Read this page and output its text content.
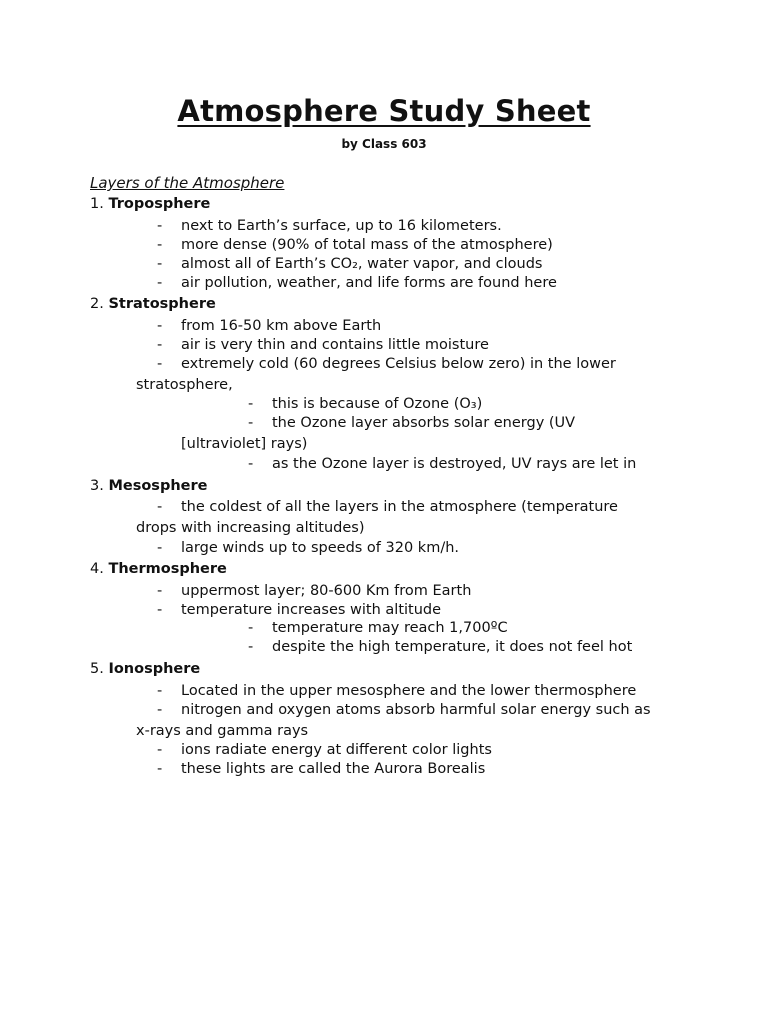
Atmosphere Study Sheet
by Class 603
Layers of the Atmosphere
1. Troposphere
- next to Earth’s surface, up to 16 kilometers.
- more dense (90% of total mass of the atmosphere)
- almost all of Earth’s CO₂, water vapor, and clouds
- air pollution, weather, and life forms are found here
2. Stratosphere
- from 16-50 km above Earth
- air is very thin and contains little moisture
- extremely cold (60 degrees Celsius below zero) in the lower
stratosphere,
- this is because of Ozone (O₃)
- the Ozone layer absorbs solar energy (UV
[ultraviolet] rays)
- as the Ozone layer is destroyed, UV rays are let in
3. Mesosphere
- the coldest of all the layers in the atmosphere (temperature
drops with increasing altitudes)
- large winds up to speeds of 320 km/h.
4. Thermosphere
- uppermost layer; 80-600 Km from Earth
- temperature increases with altitude
- temperature may reach 1,700ºC
- despite the high temperature, it does not feel hot
5. Ionosphere
- Located in the upper mesosphere and the lower thermosphere
- nitrogen and oxygen atoms absorb harmful solar energy such as
x-rays and gamma rays
- ions radiate energy at different color lights
- these lights are called the Aurora Borealis
